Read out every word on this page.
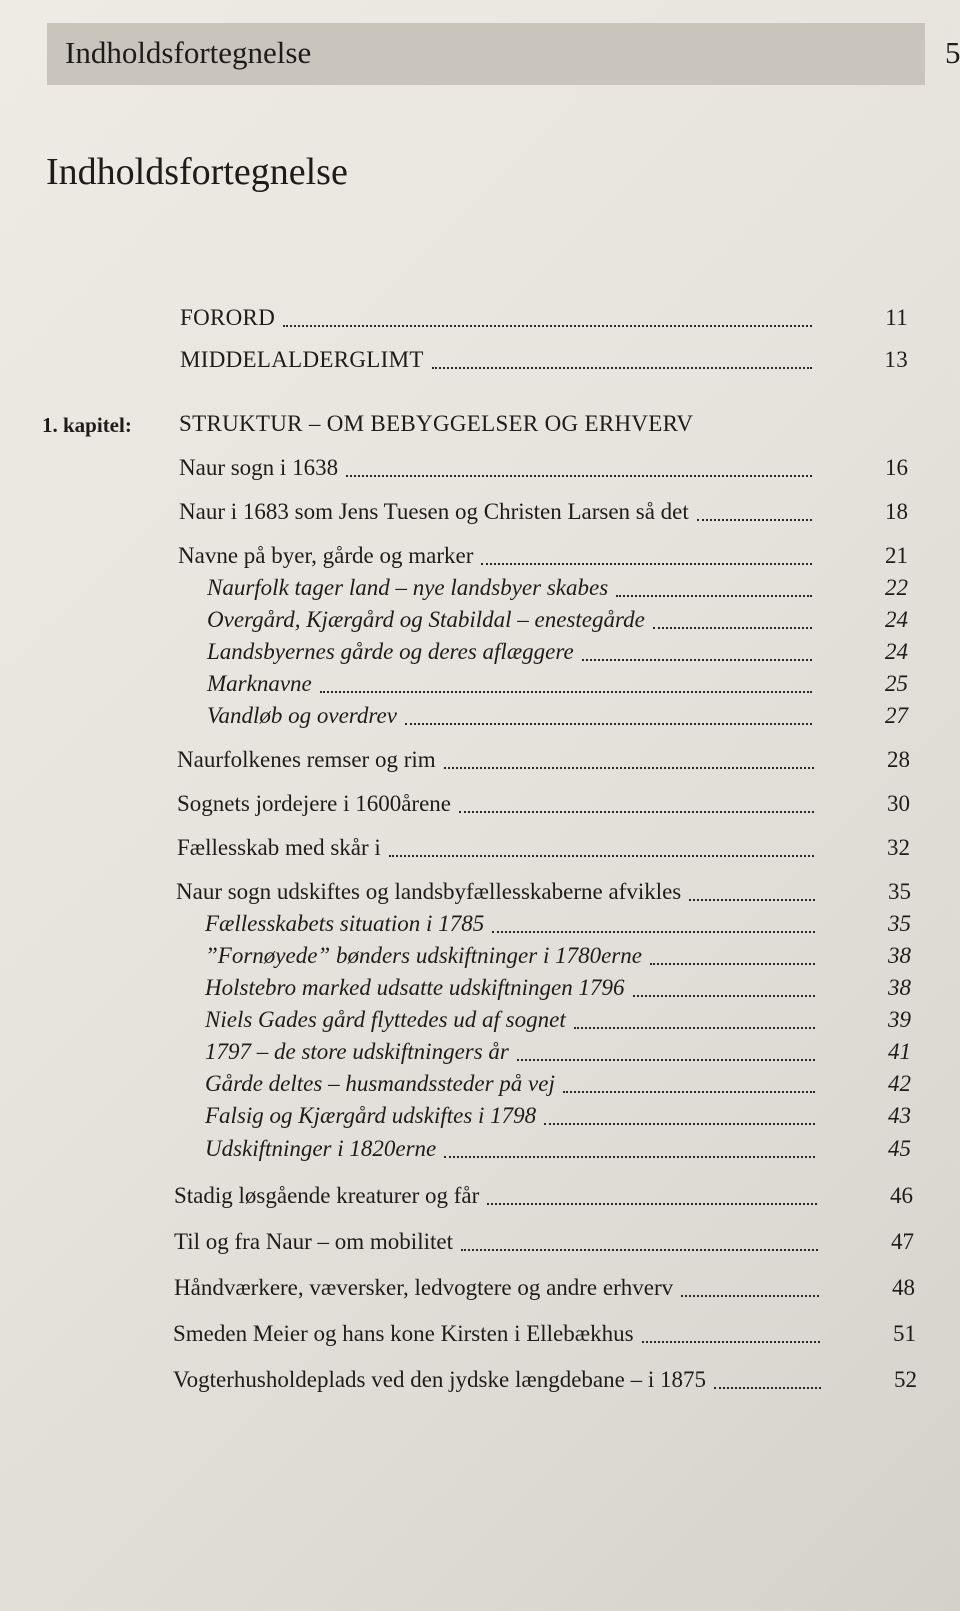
Indholdsfortegnelse	5
Indholdsfortegnelse
1. kapitel:
FORORD	11
MIDDELALDERGLIMT	13
STRUKTUR – OM BEBYGGELSER OG ERHVERV
Naur sogn i 1638	16
Naur i 1683 som Jens Tuesen og Christen Larsen så det	18
Navne på byer, gårde og marker	21
Naurfolk tager land – nye landsbyer skabes	22
Overgård, Kjærgård og Stabildal – enestegårde	24
Landsbyernes gårde og deres aflæggere	24
Marknavne	25
Vandløb og overdrev	27
Naurfolkenes remser og rim	28
Sognets jordejere i 1600årene	30
Fællesskab med skår i	32
Naur sogn udskiftes og landsbyfællesskaberne afvikles	35
Fællesskabets situation i 1785	35
”Fornøyede” bønders udskiftninger i 1780erne	38
Holstebro marked udsatte udskiftningen 1796	38
Niels Gades gård flyttedes ud af sognet	39
1797 – de store udskiftningers år	41
Gårde deltes – husmandssteder på vej	42
Falsig og Kjærgård udskiftes i 1798	43
Udskiftninger i 1820erne	45
Stadig løsgående kreaturer og får	46
Til og fra Naur – om mobilitet	47
Håndværkere, væversker, ledvogtere og andre erhverv	48
Smeden Meier og hans kone Kirsten i Ellebækhus	51
Vogterhusholdeplads ved den jydske længdebane – i 1875	52
